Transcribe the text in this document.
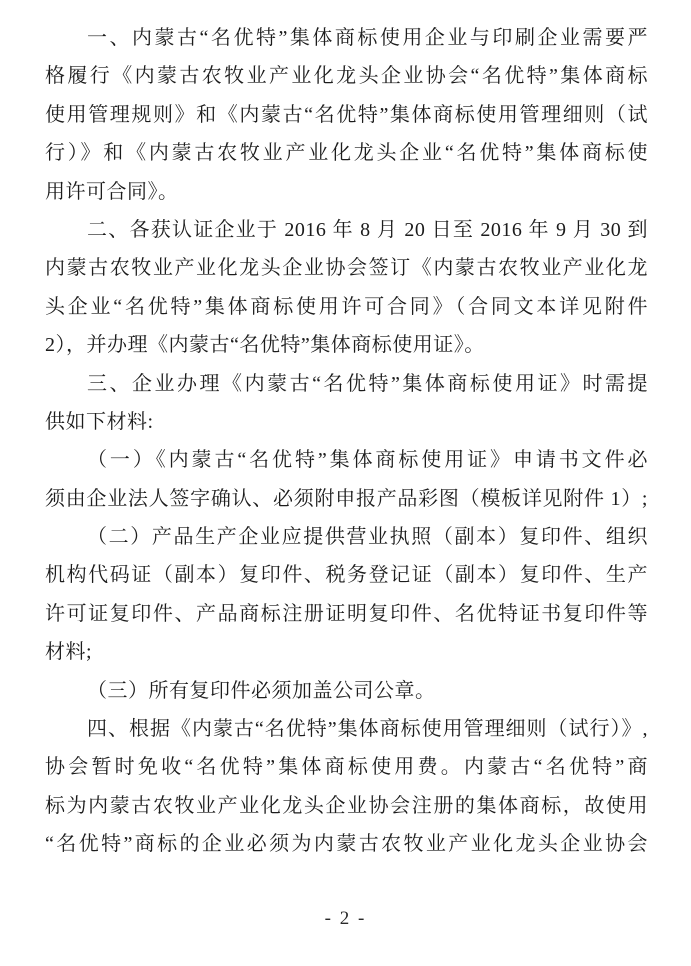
一、内蒙古“名优特”集体商标使用企业与印刷企业需要严
格履行《内蒙古农牧业产业化龙头企业协会“名优特”集体商标
使用管理规则》和《内蒙古“名优特”集体商标使用管理细则（试
行）》和《内蒙古农牧业产业化龙头企业“名优特”集体商标使
用许可合同》。
二、各获认证企业于 2016 年 8 月 20 日至 2016 年 9 月 30 到
内蒙古农牧业产业化龙头企业协会签订《内蒙古农牧业产业化龙
头企业“名优特”集体商标使用许可合同》（合同文本详见附件
2），并办理《内蒙古“名优特”集体商标使用证》。
三、企业办理《内蒙古“名优特”集体商标使用证》时需提
供如下材料:
（一）《内蒙古“名优特”集体商标使用证》申请书文件必
须由企业法人签字确认、必须附申报产品彩图（模板详见附件 1）;
（二）产品生产企业应提供营业执照（副本）复印件、组织
机构代码证（副本）复印件、税务登记证（副本）复印件、生产
许可证复印件、产品商标注册证明复印件、名优特证书复印件等
材料;
（三）所有复印件必须加盖公司公章。
四、根据《内蒙古“名优特”集体商标使用管理细则（试行）》,
协会暂时免收“名优特”集体商标使用费。内蒙古“名优特”商
标为内蒙古农牧业产业化龙头企业协会注册的集体商标，故使用
“名优特”商标的企业必须为内蒙古农牧业产业化龙头企业协会
- 2 -
